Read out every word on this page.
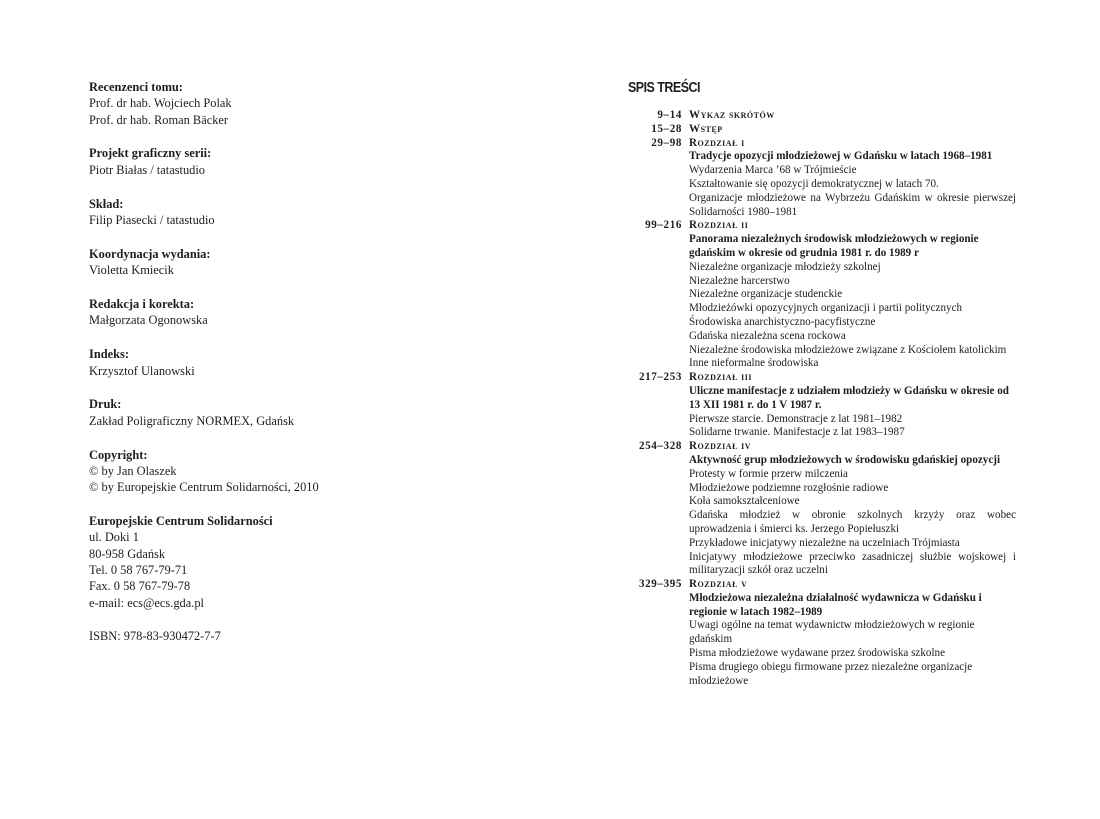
Recenzenci tomu:
Prof. dr hab. Wojciech Polak
Prof. dr hab. Roman Bäcker
Projekt graficzny serii:
Piotr Białas / tatastudio
Skład:
Filip Piasecki / tatastudio
Koordynacja wydania:
Violetta Kmiecik
Redakcja i korekta:
Małgorzata Ogonowska
Indeks:
Krzysztof Ulanowski
Druk:
Zakład Poligraficzny NORMEX, Gdańsk
Copyright:
© by Jan Olaszek
© by Europejskie Centrum Solidarności, 2010
Europejskie Centrum Solidarności
ul. Doki 1
80-958 Gdańsk
Tel. 0 58 767-79-71
Fax. 0 58 767-79-78
e-mail: ecs@ecs.gda.pl
ISBN: 978-83-930472-7-7
SPIS TREŚCI
9–14 Wykaz skrótów
15–28 Wstęp
29–98 Rozdział i
Tradycje opozycji młodzieżowej w Gdańsku w latach 1968–1981
Wydarzenia Marca ’68 w Trójmieście
Kształtowanie się opozycji demokratycznej w latach 70.
Organizacje młodzieżowe na Wybrzeżu Gdańskim w okresie pierwszej Solidarności 1980–1981
99–216 Rozdział ii
Panorama niezależnych środowisk młodzieżowych w regionie gdańskim w okresie od grudnia 1981 r. do 1989 r
Niezależne organizacje młodzieży szkolnej
Niezależne harcerstwo
Niezależne organizacje studenckie
Młodzieżówki opozycyjnych organizacji i partii politycznych
Środowiska anarchistyczno-pacyfistyczne
Gdańska niezależna scena rockowa
Niezależne środowiska młodzieżowe związane z Kościołem katolickim
Inne nieformalne środowiska
217–253 Rozdział iii
Uliczne manifestacje z udziałem młodzieży w Gdańsku w okresie od 13 XII 1981 r. do 1 V 1987 r.
Pierwsze starcie. Demonstracje z lat 1981–1982
Solidarne trwanie. Manifestacje z lat 1983–1987
254–328 Rozdział iv
Aktywność grup młodzieżowych w środowisku gdańskiej opozycji
Protesty w formie przerw milczenia
Młodzieżowe podziemne rozgłośnie radiowe
Koła samokształceniowe
Gdańska młodzież w obronie szkolnych krzyży oraz wobec uprowadzenia i śmierci ks. Jerzego Popiełuszki
Przykładowe inicjatywy niezależne na uczelniach Trójmiasta
Inicjatywy młodzieżowe przeciwko zasadniczej służbie wojskowej i militaryzacji szkół oraz uczelni
329–395 Rozdział v
Młodzieżowa niezależna działalność wydawnicza w Gdańsku i regionie w latach 1982–1989
Uwagi ogólne na temat wydawnictw młodzieżowych w regionie gdańskim
Pisma młodzieżowe wydawane przez środowiska szkolne
Pisma drugiego obiegu firmowane przez niezależne organizacje młodzieżowe
